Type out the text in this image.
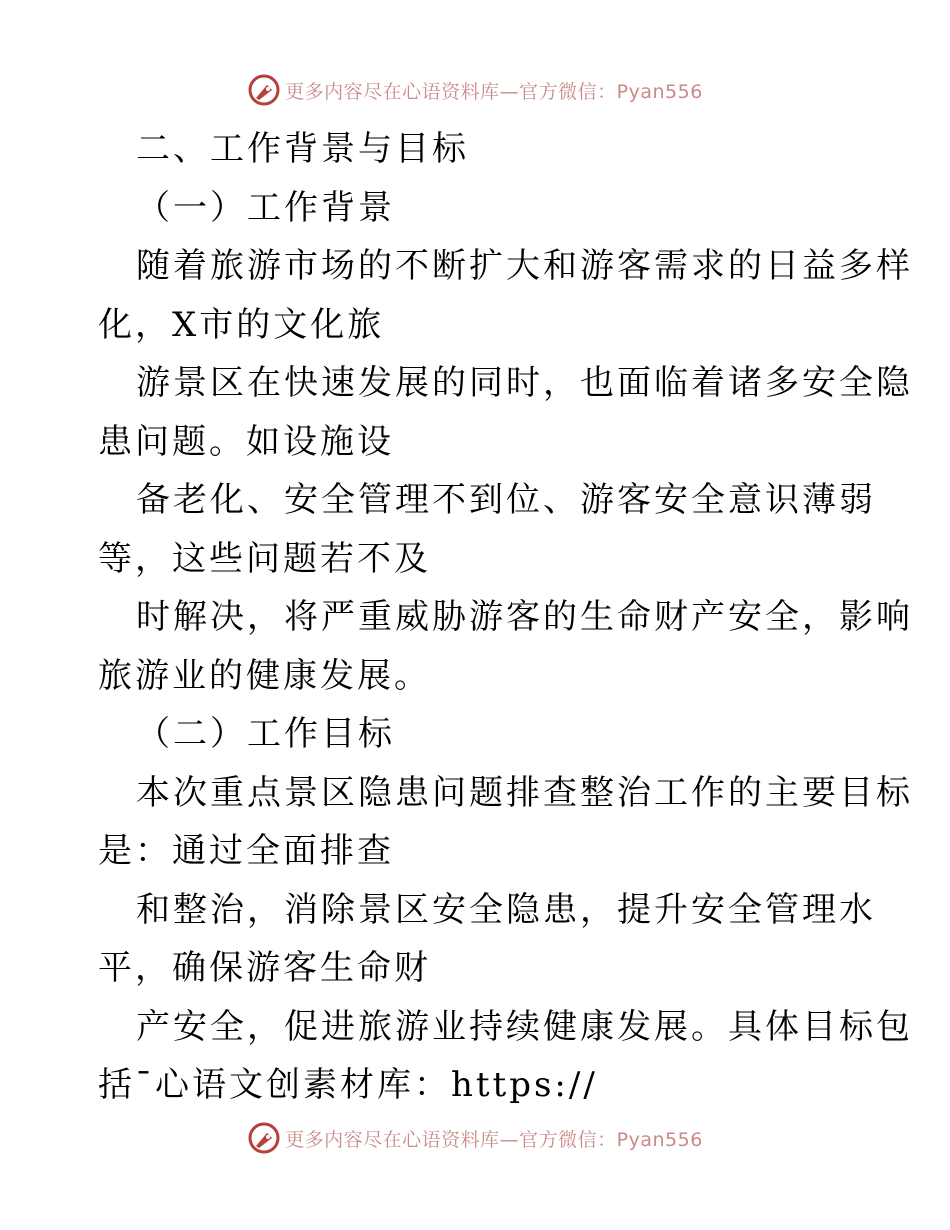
更多内容尽在心语资料库—官方微信：Pyan556
二、工作背景与目标
（一）工作背景
随着旅游市场的不断扩大和游客需求的日益多样
化，X市的文化旅
游景区在快速发展的同时，也面临着诸多安全隐
患问题。如设施设
备老化、安全管理不到位、游客安全意识薄弱
等，这些问题若不及
时解决，将严重威胁游客的生命财产安全，影响
旅游业的健康发展。
（二）工作目标
本次重点景区隐患问题排查整治工作的主要目标
是：通过全面排查
和整治，消除景区安全隐患，提升安全管理水
平，确保游客生命财
产安全，促进旅游业持续健康发展。具体目标包
括¯心语文创素材库：https://
更多内容尽在心语资料库—官方微信：Pyan556
